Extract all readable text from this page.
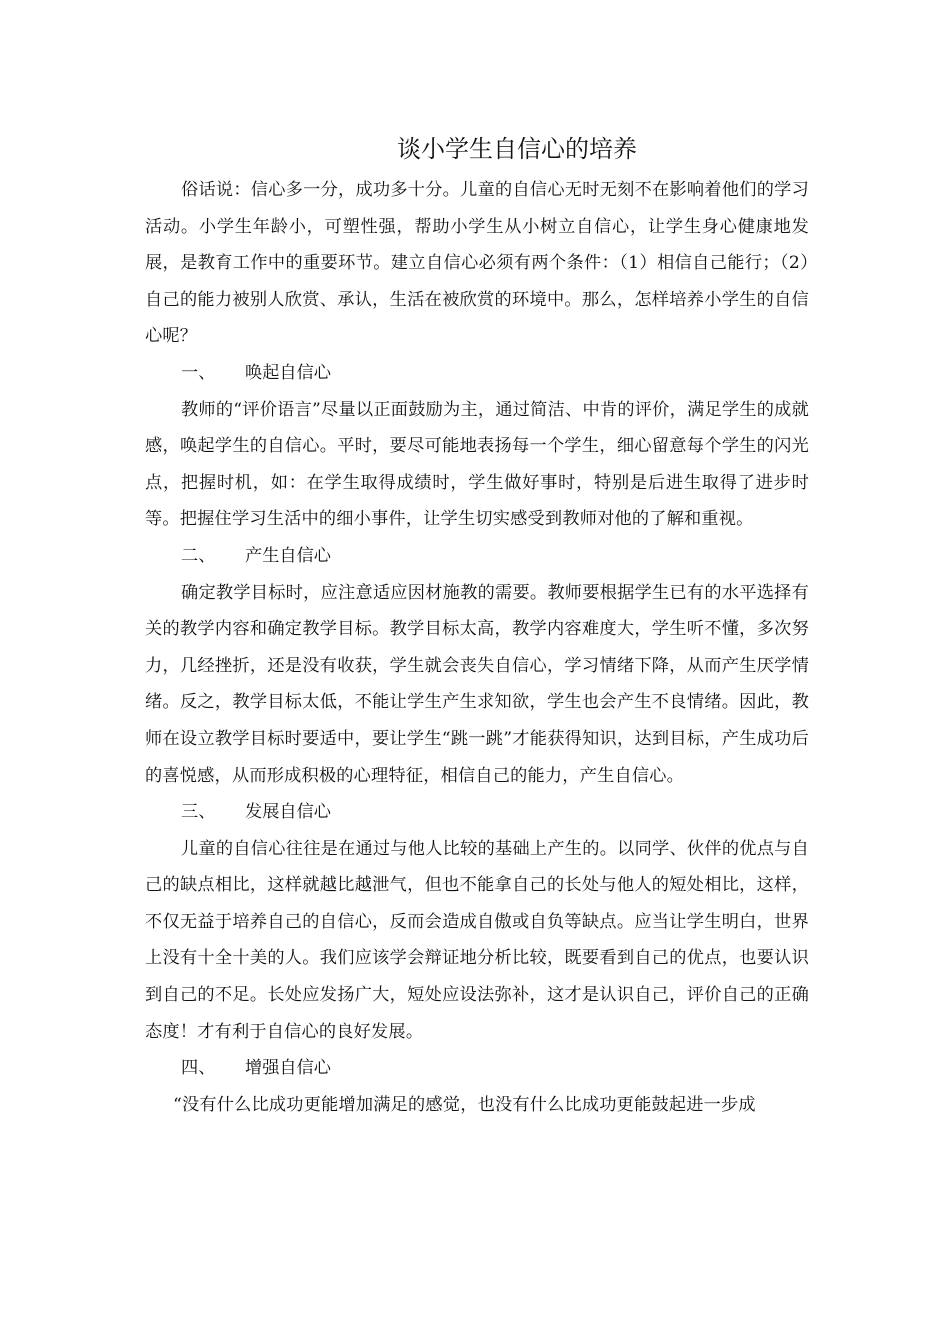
谈小学生自信心的培养

俗话说：信心多一分，成功多十分。儿童的自信心无时无刻不在影响着他们的学习活动。小学生年龄小，可塑性强，帮助小学生从小树立自信心，让学生身心健康地发展，是教育工作中的重要环节。建立自信心必须有两个条件：（1）相信自己能行；（2）自己的能力被别人欣赏、承认，生活在被欣赏的环境中。那么，怎样培养小学生的自信心呢？

一、 唤起自信心

教师的“评价语言”尽量以正面鼓励为主，通过简洁、中肯的评价，满足学生的成就感，唤起学生的自信心。平时，要尽可能地表扬每一个学生，细心留意每个学生的闪光点，把握时机，如：在学生取得成绩时，学生做好事时，特别是后进生取得了进步时等。把握住学习生活中的细小事件，让学生切实感受到教师对他的了解和重视。

二、 产生自信心

确定教学目标时，应注意适应因材施教的需要。教师要根据学生已有的水平选择有关的教学内容和确定教学目标。教学目标太高，教学内容难度大，学生听不懂，多次努力，几经挫折，还是没有收获，学生就会丧失自信心，学习情绪下降，从而产生厌学情绪。反之，教学目标太低，不能让学生产生求知欲，学生也会产生不良情绪。因此，教师在设立教学目标时要适中，要让学生“跳一跳”才能获得知识，达到目标，产生成功后的喜悦感，从而形成积极的心理特征，相信自己的能力，产生自信心。

三、 发展自信心

儿童的自信心往往是在通过与他人比较的基础上产生的。以同学、伙伴的优点与自己的缺点相比，这样就越比越泄气，但也不能拿自己的长处与他人的短处相比，这样，不仅无益于培养自己的自信心，反而会造成自傲或自负等缺点。应当让学生明白，世界上没有十全十美的人。我们应该学会辩证地分析比较，既要看到自己的优点，也要认识到自己的不足。长处应发扬广大，短处应设法弥补，这才是认识自己，评价自己的正确态度！才有利于自信心的良好发展。

四、 增强自信心

“没有什么比成功更能增加满足的感觉，也没有什么比成功更能鼓起进一步成
